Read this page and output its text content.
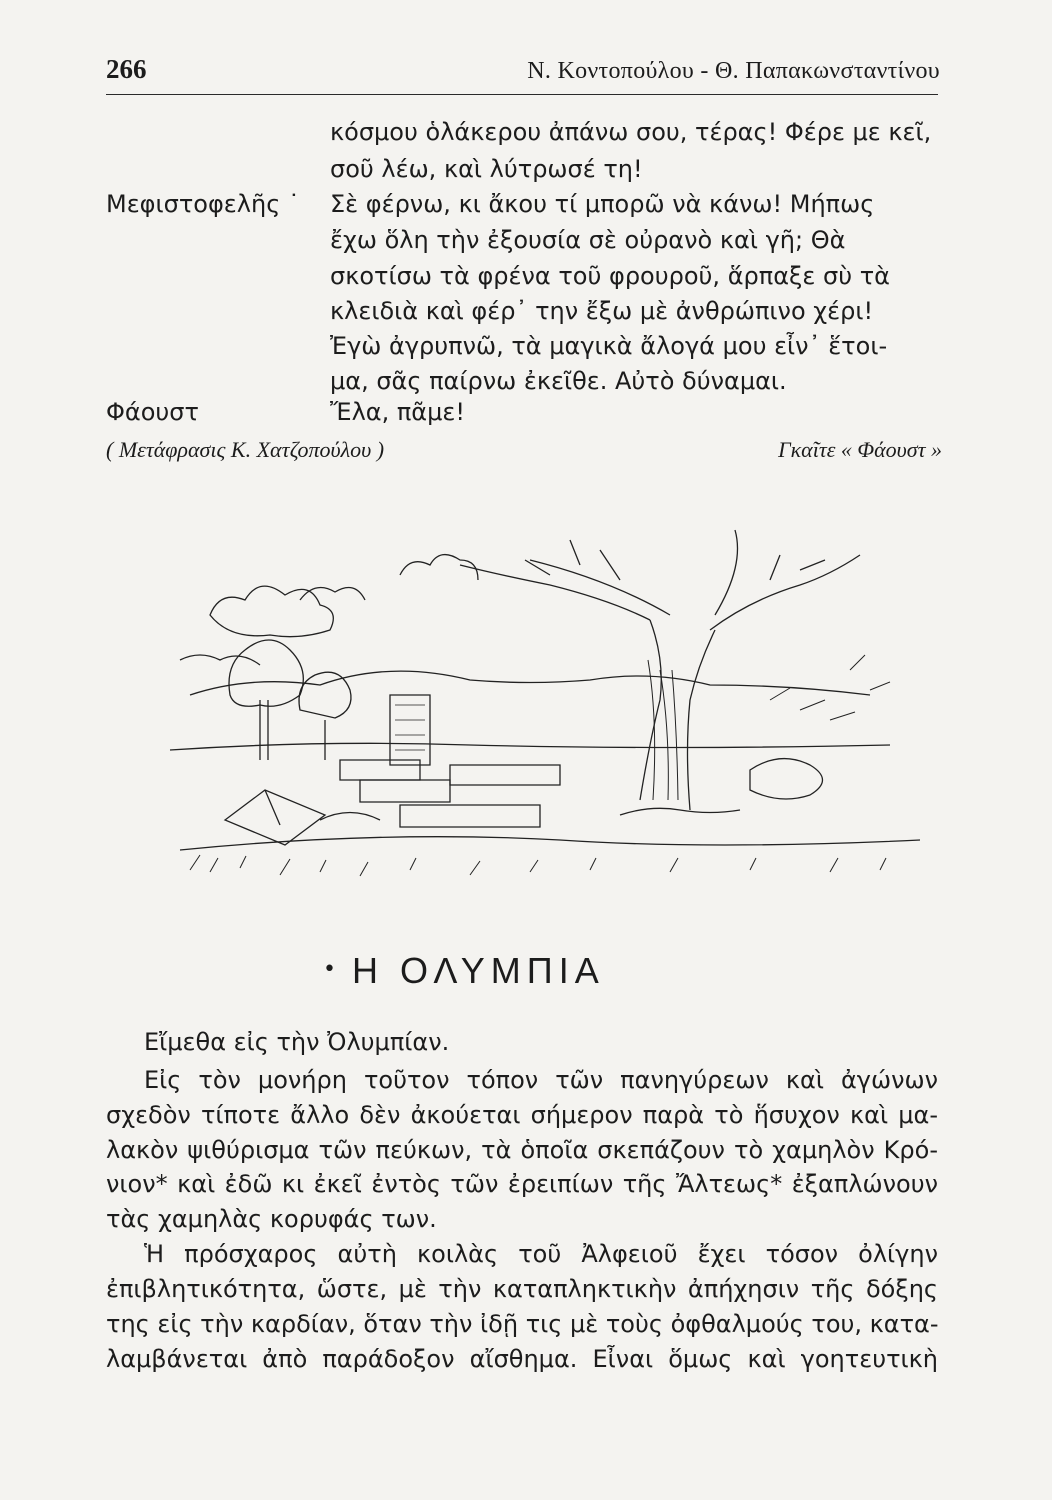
266	Ν. Κοντοπούλου - Θ. Παπακωνσταντίνου
κόσμου ὁλάκερου ἀπάνω σου, τέρας! Φέρε με κεῖ,
σοῦ λέω, καὶ λύτρωσέ τη!
Μεφιστοφελῆς ˙ Σὲ φέρνω, κι ἄκου τί μπορῶ νὰ κάνω! Μήπως
ἔχω ὅλη τὴν ἐξουσία σὲ οὐρανὸ καὶ γῆ; Θὰ
σκοτίσω τὰ φρένα τοῦ φρουροῦ, ἅρπαξε σὺ τὰ
κλειδιὰ καὶ φέρ᾽ την ἔξω μὲ ἀνθρώπινο χέρι!
Ἐγὼ ἀγρυπνῶ, τὰ μαγικὰ ἄλογά μου εἶν᾽ ἕτοι-
μα, σᾶς παίρνω ἐκεῖθε. Αὐτὸ δύναμαι.
Φάουστ	Ἔλα, πᾶμε!
( Μετάφρασις Κ. Χατζοπούλου )	Γκαῖτε « Φάουστ »
• Η ΟΛΥΜΠΙΑ
Εἴμεθα εἰς τὴν Ὀλυμπίαν.
Εἰς τὸν μονήρη τοῦτον τόπον τῶν πανηγύρεων καὶ ἀγώνων
σχεδὸν τίποτε ἄλλο δὲν ἀκούεται σήμερον παρὰ τὸ ἥσυχον καὶ μα-
λακὸν ψιθύρισμα τῶν πεύκων, τὰ ὁποῖα σκεπάζουν τὸ χαμηλὸν Κρό-
νιον* καὶ ἐδῶ κι ἐκεῖ ἐντὸς τῶν ἐρειπίων τῆς Ἄλτεως* ἐξαπλώνουν
τὰς χαμηλὰς κορυφάς των.
Ἡ πρόσχαρος αὐτὴ κοιλὰς τοῦ Ἀλφειοῦ ἔχει τόσον ὀλίγην
ἐπιβλητικότητα, ὥστε, μὲ τὴν καταπληκτικὴν ἀπήχησιν τῆς δόξης
της εἰς τὴν καρδίαν, ὅταν τὴν ἰδῇ τις μὲ τοὺς ὀφθαλμούς του, κατα-
λαμβάνεται ἀπὸ παράδοξον αἴσθημα. Εἶναι ὅμως καὶ γοητευτικὴ
